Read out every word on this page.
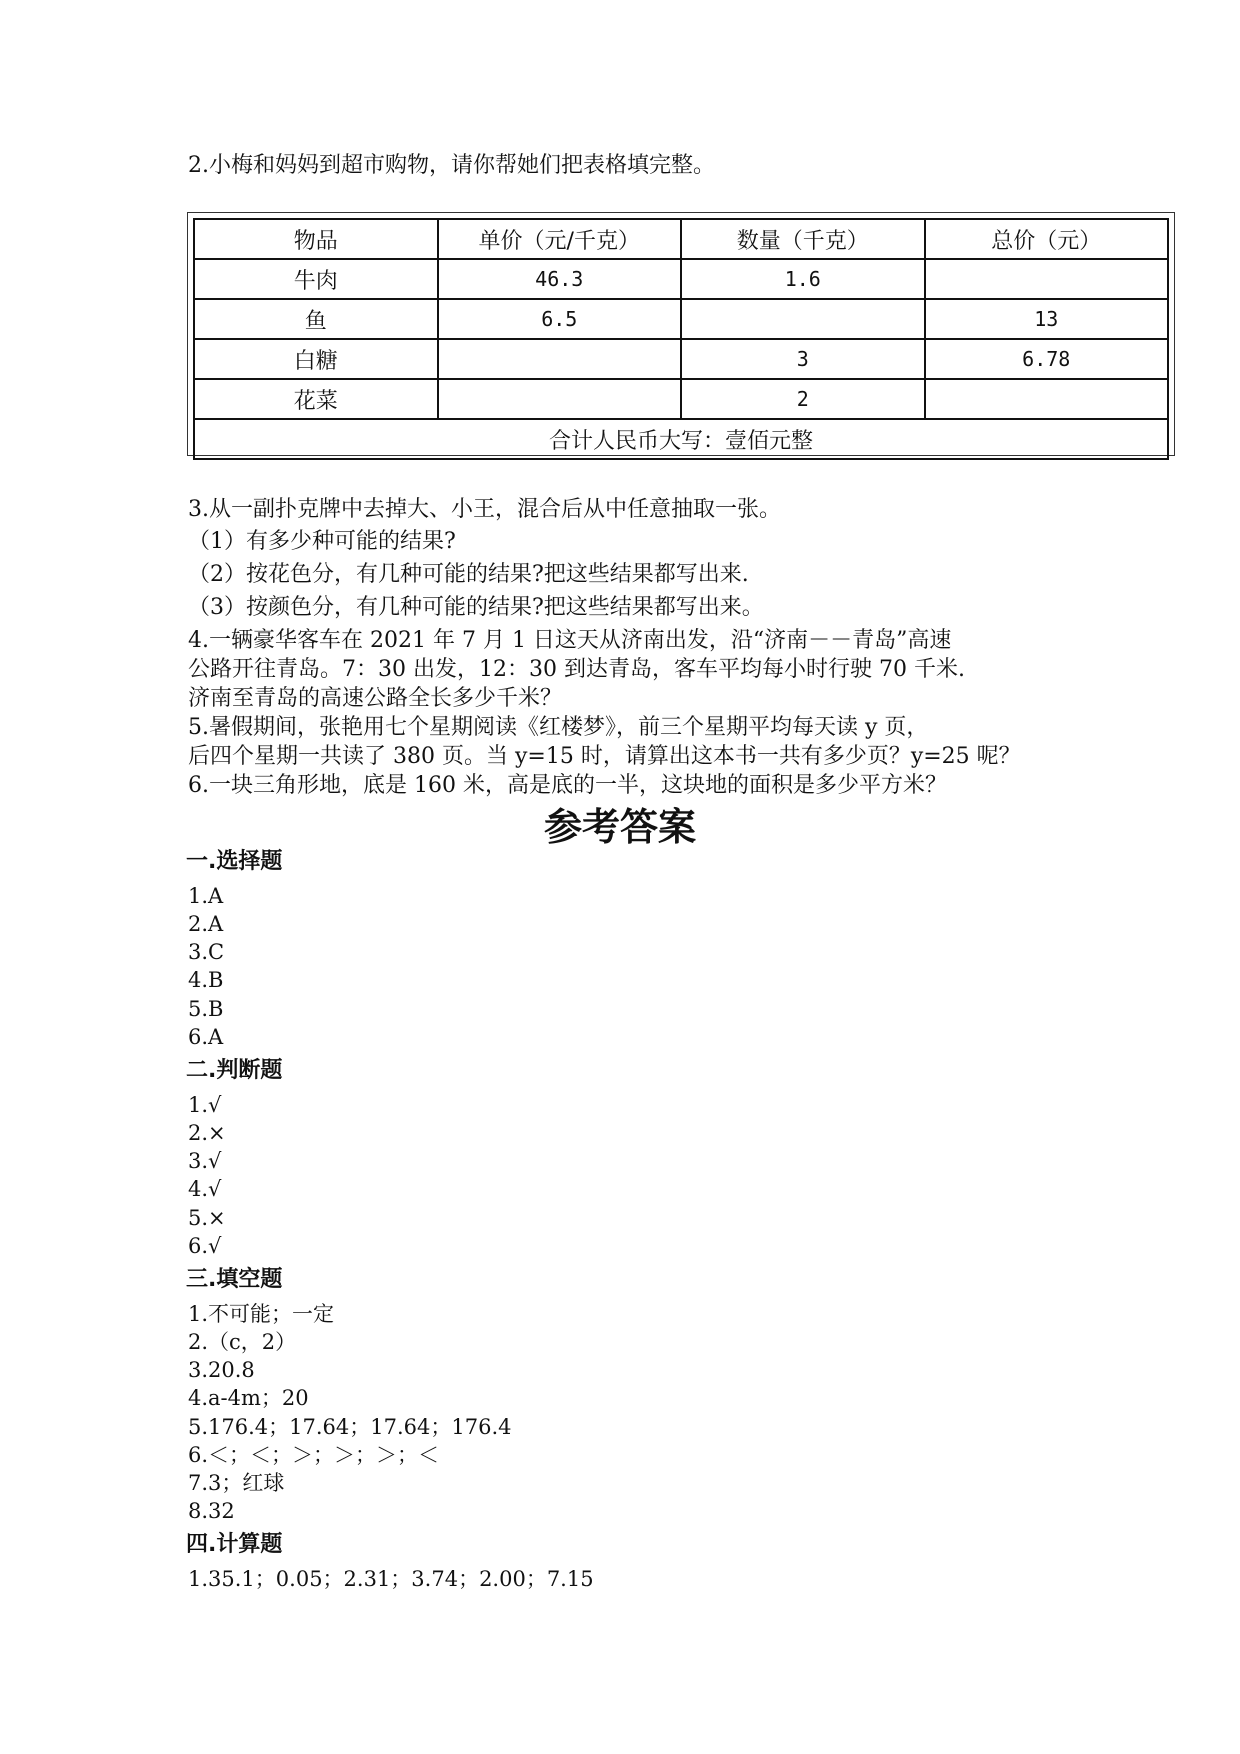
2.小梅和妈妈到超市购物，请你帮她们把表格填完整。
物品	单价（元/千克）	数量（千克）	总价（元）
牛肉	46.3	1.6	
鱼	6.5		13
白糖		3	6.78
花菜		2	
合计人民币大写：壹佰元整			
3.从一副扑克牌中去掉大、小王，混合后从中任意抽取一张。
（1）有多少种可能的结果?
（2）按花色分，有几种可能的结果?把这些结果都写出来.
（3）按颜色分，有几种可能的结果?把这些结果都写出来。
4.一辆豪华客车在 2021 年 7 月 1 日这天从济南出发，沿“济南－－青岛”高速
公路开往青岛。7：30 出发，12：30 到达青岛，客车平均每小时行驶 70 千米.
济南至青岛的高速公路全长多少千米？
5.暑假期间，张艳用七个星期阅读《红楼梦》，前三个星期平均每天读 y 页，
后四个星期一共读了 380 页。当 y=15 时，请算出这本书一共有多少页？y=25 呢？
6.一块三角形地，底是 160 米，高是底的一半，这块地的面积是多少平方米？
参考答案
一.选择题
1.A
2.A
3.C
4.B
5.B
6.A
二.判断题
1.√
2.×
3.√
4.√
5.×
6.√
三.填空题
1.不可能；一定
2.（c，2）
3.20.8
4.a-4m；20
5.176.4；17.64；17.64；176.4
6.＜；＜；＞；＞；＞；＜
7.3；红球
8.32
四.计算题
1.35.1；0.05；2.31；3.74；2.00；7.15
